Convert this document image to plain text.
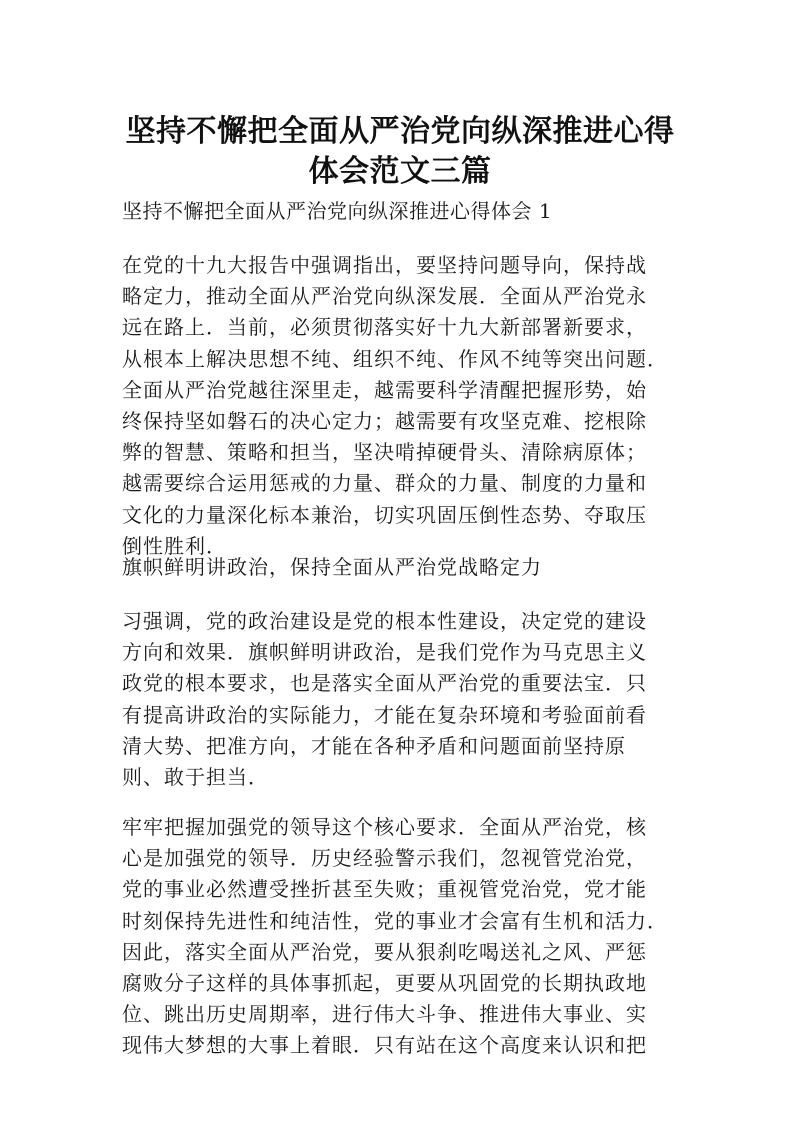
坚持不懈把全面从严治党向纵深推进心得
体会范文三篇

坚持不懈把全面从严治党向纵深推进心得体会 1

在党的十九大报告中强调指出，要坚持问题导向，保持战
略定力，推动全面从严治党向纵深发展．全面从严治党永
远在路上．当前，必须贯彻落实好十九大新部署新要求，
从根本上解决思想不纯、组织不纯、作风不纯等突出问题．
全面从严治党越往深里走，越需要科学清醒把握形势，始
终保持坚如磐石的决心定力；越需要有攻坚克难、挖根除
弊的智慧、策略和担当，坚决啃掉硬骨头、清除病原体；
越需要综合运用惩戒的力量、群众的力量、制度的力量和
文化的力量深化标本兼治，切实巩固压倒性态势、夺取压
倒性胜利．

旗帜鲜明讲政治，保持全面从严治党战略定力

习强调，党的政治建设是党的根本性建设，决定党的建设
方向和效果．旗帜鲜明讲政治，是我们党作为马克思主义
政党的根本要求，也是落实全面从严治党的重要法宝．只
有提高讲政治的实际能力，才能在复杂环境和考验面前看
清大势、把准方向，才能在各种矛盾和问题面前坚持原
则、敢于担当．

牢牢把握加强党的领导这个核心要求．全面从严治党，核
心是加强党的领导．历史经验警示我们，忽视管党治党，
党的事业必然遭受挫折甚至失败；重视管党治党，党才能
时刻保持先进性和纯洁性，党的事业才会富有生机和活力．
因此，落实全面从严治党，要从狠刹吃喝送礼之风、严惩
腐败分子这样的具体事抓起，更要从巩固党的长期执政地
位、跳出历史周期率，进行伟大斗争、推进伟大事业、实
现伟大梦想的大事上着眼．只有站在这个高度来认识和把
